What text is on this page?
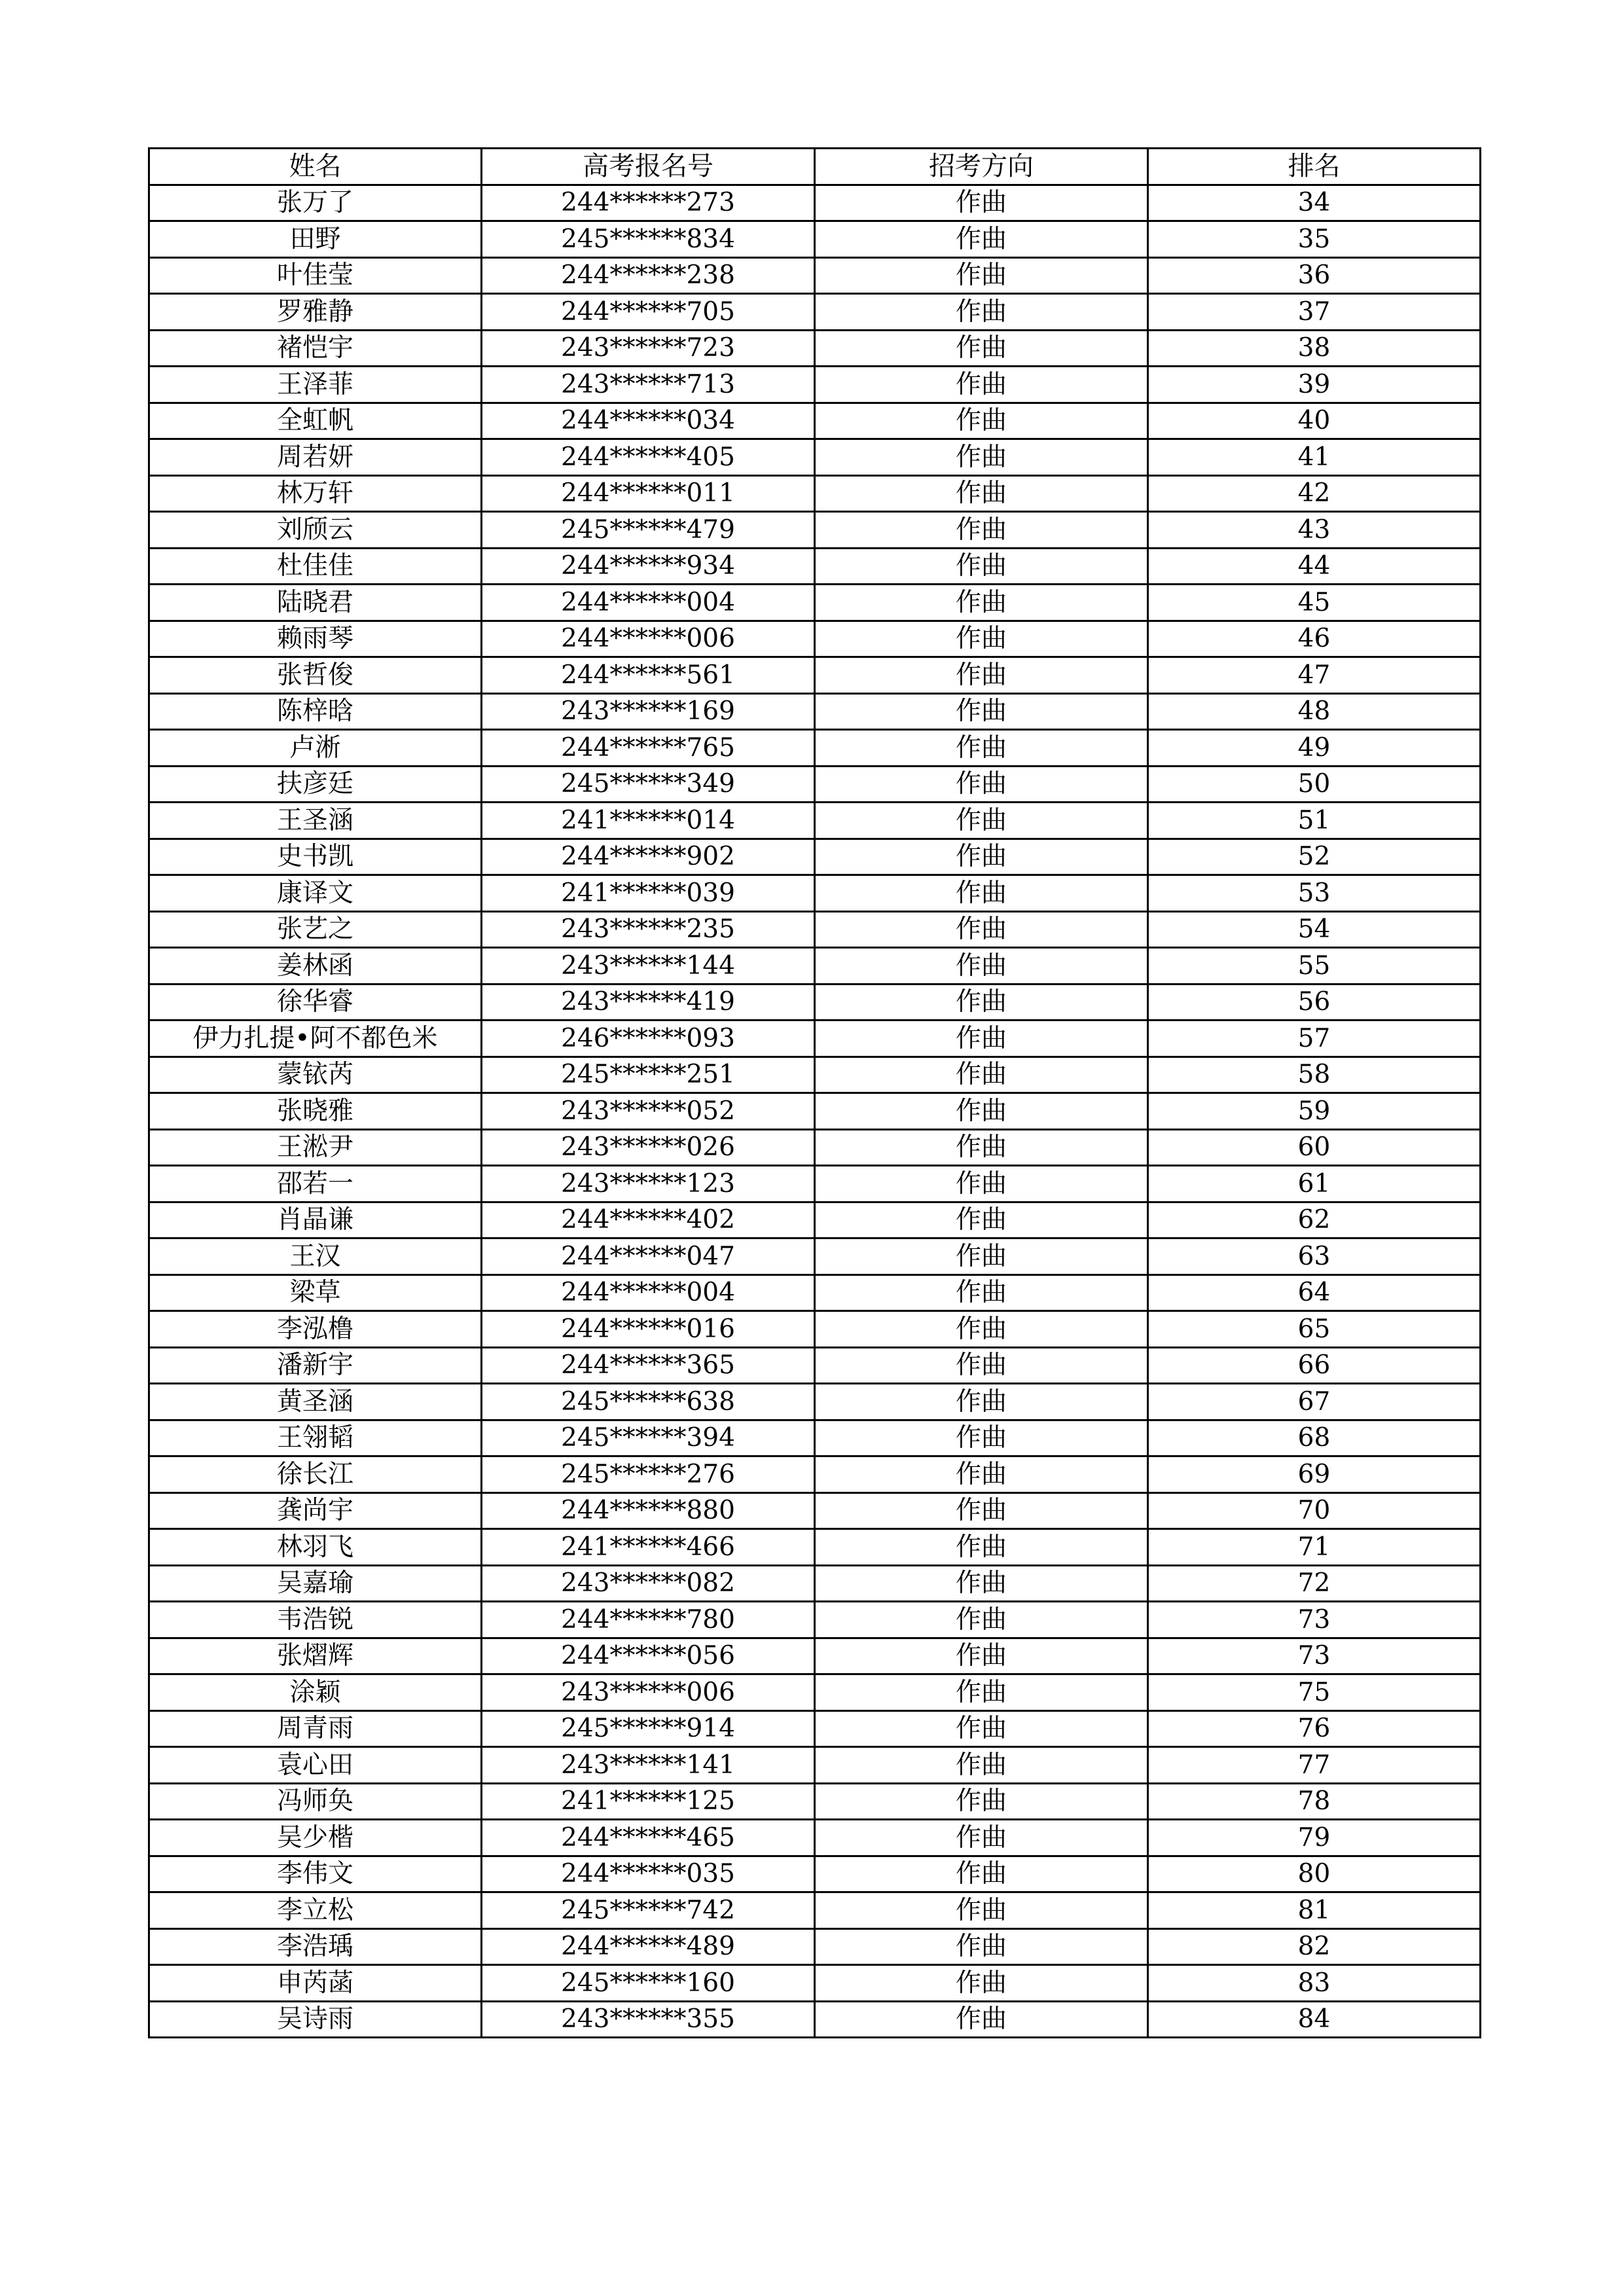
姓名	高考报名号	招考方向	排名
张万了	244******273	作曲	34
田野	245******834	作曲	35
叶佳莹	244******238	作曲	36
罗雅静	244******705	作曲	37
褚恺宇	243******723	作曲	38
王泽菲	243******713	作曲	39
全虹帆	244******034	作曲	40
周若妍	244******405	作曲	41
林万轩	244******011	作曲	42
刘颀云	245******479	作曲	43
杜佳佳	244******934	作曲	44
陆晓君	244******004	作曲	45
赖雨琴	244******006	作曲	46
张哲俊	244******561	作曲	47
陈梓晗	243******169	作曲	48
卢淅	244******765	作曲	49
扶彦廷	245******349	作曲	50
王圣涵	241******014	作曲	51
史书凯	244******902	作曲	52
康译文	241******039	作曲	53
张艺之	243******235	作曲	54
姜林函	243******144	作曲	55
徐华睿	243******419	作曲	56
伊力扎提•阿不都色米	246******093	作曲	57
蒙铱芮	245******251	作曲	58
张晓雅	243******052	作曲	59
王淞尹	243******026	作曲	60
邵若一	243******123	作曲	61
肖晶谦	244******402	作曲	62
王汉	244******047	作曲	63
梁草	244******004	作曲	64
李泓橹	244******016	作曲	65
潘新宇	244******365	作曲	66
黄圣涵	245******638	作曲	67
王翎韬	245******394	作曲	68
徐长江	245******276	作曲	69
龚尚宇	244******880	作曲	70
林羽飞	241******466	作曲	71
吴嘉瑜	243******082	作曲	72
韦浩锐	244******780	作曲	73
张熠辉	244******056	作曲	73
涂颖	243******006	作曲	75
周青雨	245******914	作曲	76
袁心田	243******141	作曲	77
冯师奂	241******125	作曲	78
吴少楷	244******465	作曲	79
李伟文	244******035	作曲	80
李立松	245******742	作曲	81
李浩瑀	244******489	作曲	82
申芮菡	245******160	作曲	83
吴诗雨	243******355	作曲	84
